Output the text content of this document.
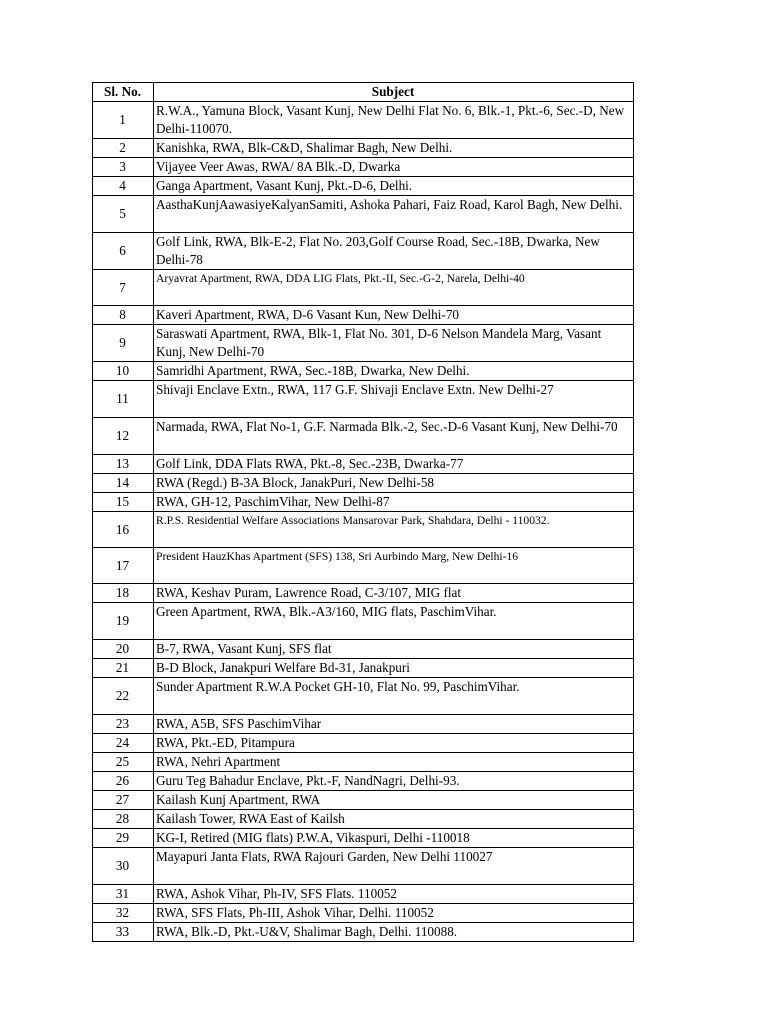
Sl. No.	Subject
1	R.W.A., Yamuna Block, Vasant Kunj, New Delhi Flat No. 6, Blk.-1, Pkt.-6, Sec.-D, New Delhi-110070.
2	Kanishka, RWA, Blk-C&D, Shalimar Bagh, New Delhi.
3	Vijayee Veer Awas, RWA/ 8A Blk.-D, Dwarka
4	Ganga Apartment, Vasant Kunj, Pkt.-D-6, Delhi.
5	AasthaKunjAawasiyeKalyanSamiti, Ashoka Pahari, Faiz Road, Karol Bagh, New Delhi.
6	Golf Link, RWA, Blk-E-2, Flat No. 203,Golf Course Road, Sec.-18B, Dwarka, New Delhi-78
7	Aryavrat Apartment, RWA, DDA LIG Flats, Pkt.-II, Sec.-G-2, Narela, Delhi-40
8	Kaveri Apartment, RWA, D-6 Vasant Kun, New Delhi-70
9	Saraswati Apartment, RWA, Blk-1, Flat No. 301, D-6 Nelson Mandela Marg, Vasant Kunj, New Delhi-70
10	Samridhi Apartment, RWA, Sec.-18B, Dwarka, New Delhi.
11	Shivaji Enclave Extn., RWA, 117 G.F. Shivaji Enclave Extn. New Delhi-27
12	Narmada, RWA, Flat No-1, G.F. Narmada Blk.-2, Sec.-D-6 Vasant Kunj, New Delhi-70
13	Golf Link, DDA Flats RWA, Pkt.-8, Sec.-23B, Dwarka-77
14	RWA (Regd.) B-3A Block, JanakPuri, New Delhi-58
15	RWA, GH-12, PaschimVihar, New Delhi-87
16	R.P.S. Residential Welfare Associations Mansarovar Park, Shahdara, Delhi - 110032.
17	President HauzKhas Apartment (SFS) 138, Sri Aurbindo Marg, New Delhi-16
18	RWA, Keshav Puram, Lawrence Road, C-3/107, MIG flat
19	Green Apartment, RWA, Blk.-A3/160, MIG flats, PaschimVihar.
20	B-7, RWA, Vasant Kunj, SFS flat
21	B-D Block, Janakpuri Welfare Bd-31, Janakpuri
22	Sunder Apartment R.W.A Pocket GH-10, Flat No. 99, PaschimVihar.
23	RWA, A5B, SFS PaschimVihar
24	RWA, Pkt.-ED, Pitampura
25	RWA, Nehri Apartment
26	Guru Teg Bahadur Enclave, Pkt.-F, NandNagri, Delhi-93.
27	Kailash Kunj Apartment, RWA
28	Kailash Tower, RWA East of Kailsh
29	KG-I, Retired (MIG flats) P.W.A, Vikaspuri, Delhi -110018
30	Mayapuri Janta Flats, RWA Rajouri Garden, New Delhi 110027
31	RWA, Ashok Vihar, Ph-IV, SFS Flats. 110052
32	RWA, SFS Flats, Ph-III, Ashok Vihar, Delhi. 110052
33	RWA, Blk.-D, Pkt.-U&V, Shalimar Bagh, Delhi. 110088.
